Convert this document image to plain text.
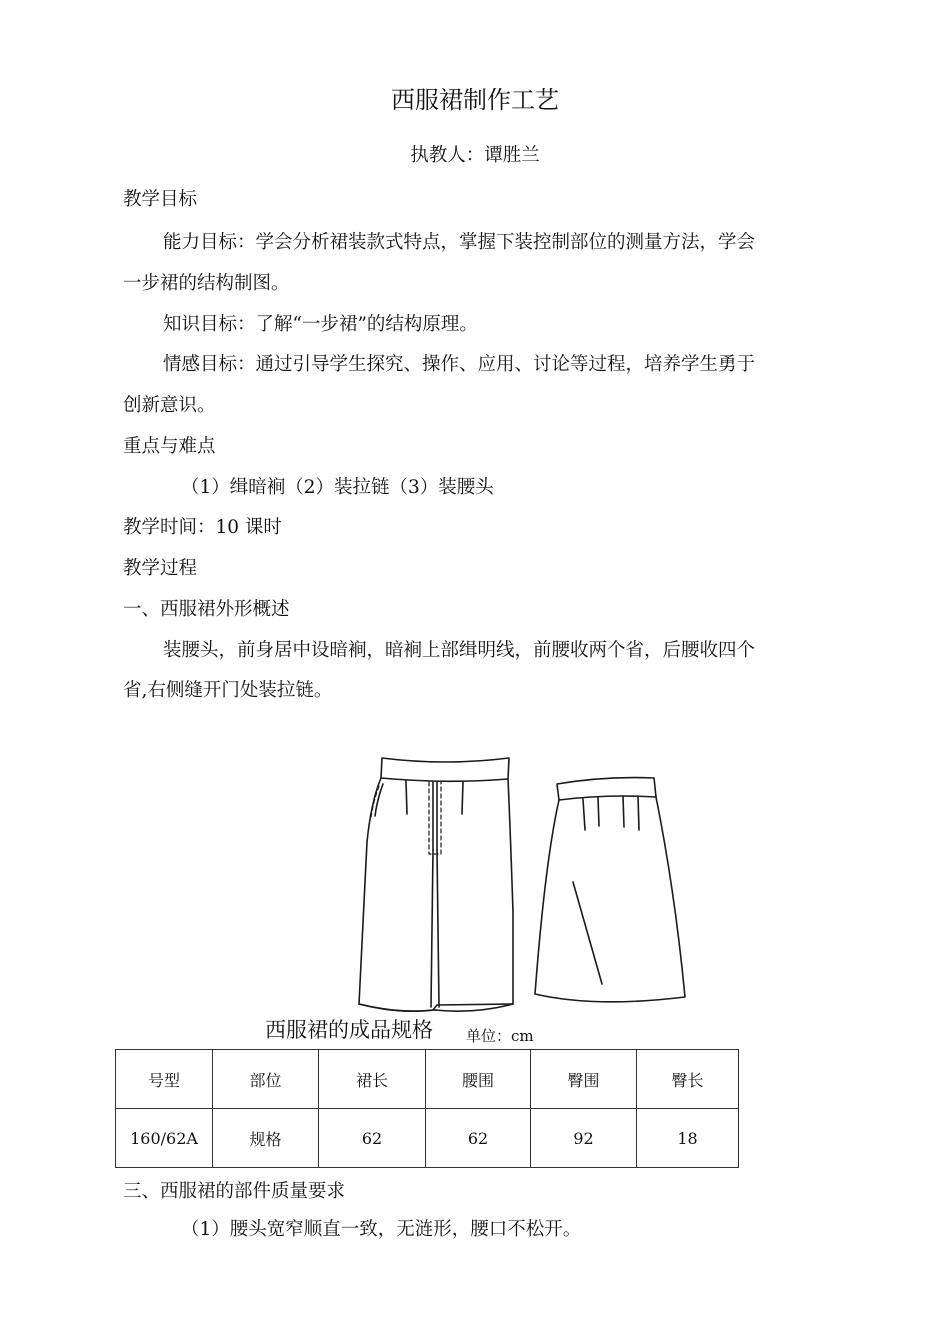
西服裙制作工艺
执教人：谭胜兰
教学目标
能力目标：学会分析裙装款式特点，掌握下装控制部位的测量方法，学会
一步裙的结构制图。
知识目标：了解“一步裙”的结构原理。
情感目标：通过引导学生探究、操作、应用、讨论等过程，培养学生勇于
创新意识。
重点与难点
（1）缉暗裥（2）装拉链（3）装腰头
教学时间：10 课时
教学过程
一、西服裙外形概述
装腰头，前身居中设暗裥，暗裥上部缉明线，前腰收两个省，后腰收四个
省,右侧缝开门处装拉链。
西服裙的成品规格 单位：cm
号型	部位	裙长	腰围	臀围	臀长
160/62A	规格	62	62	92	18
三、西服裙的部件质量要求
（1）腰头宽窄顺直一致，无涟形，腰口不松开。
